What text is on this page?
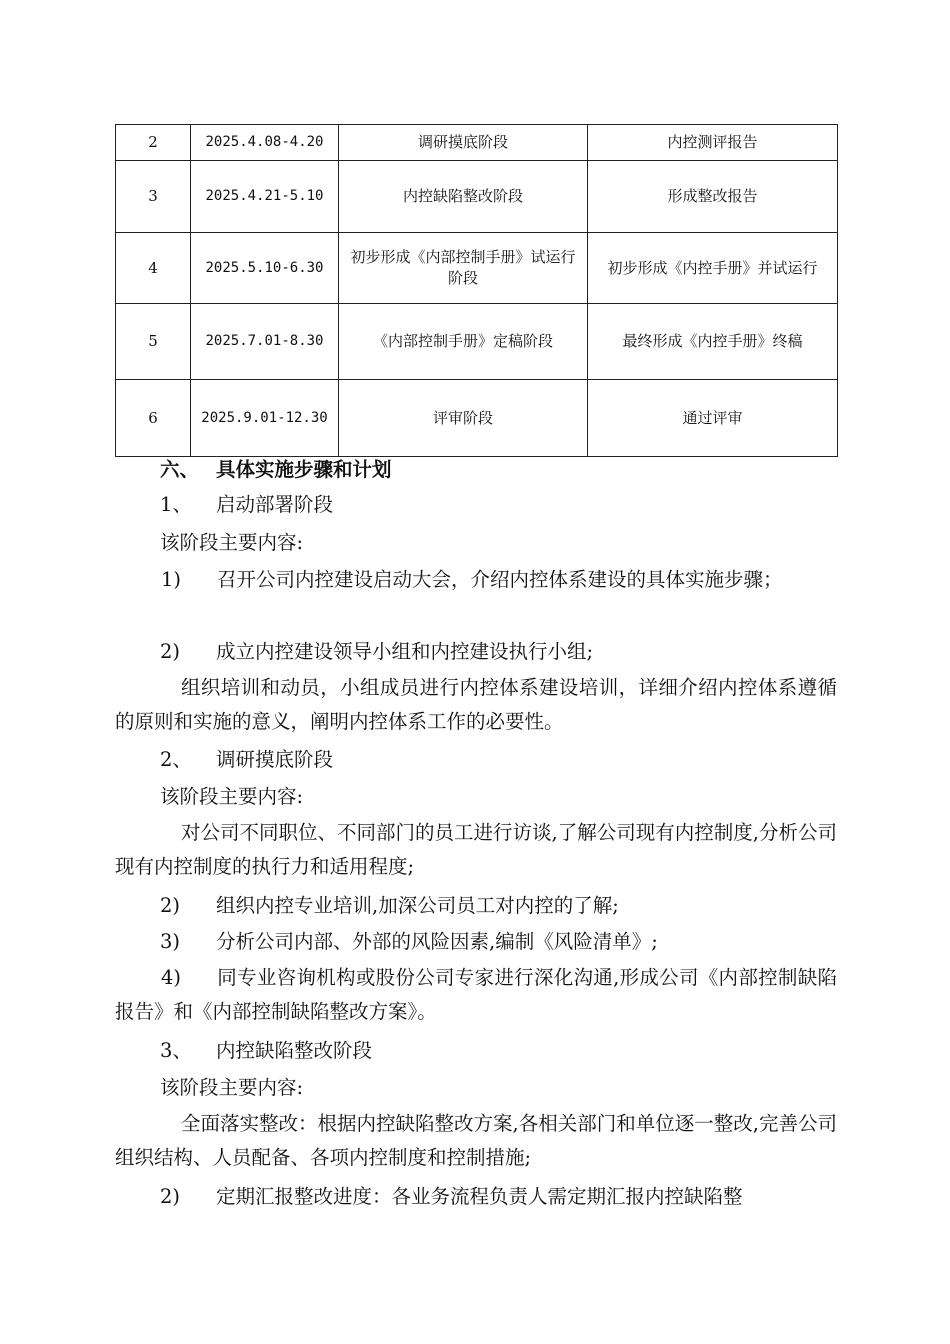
2	2025.4.08-4.20	调研摸底阶段	内控测评报告
3	2025.4.21-5.10	内控缺陷整改阶段	形成整改报告
4	2025.5.10-6.30	初步形成《内部控制手册》试运行阶段	初步形成《内控手册》并试运行
5	2025.7.01-8.30	《内部控制手册》定稿阶段	最终形成《内控手册》终稿
6	2025.9.01-12.30	评审阶段	通过评审

六、 具体实施步骤和计划

1、 启动部署阶段

该阶段主要内容:

1) 召开公司内控建设启动大会，介绍内控体系建设的具体实施步骤；

2) 成立内控建设领导小组和内控建设执行小组;

组织培训和动员，小组成员进行内控体系建设培训，详细介绍内控体系遵循的原则和实施的意义，阐明内控体系工作的必要性。

2、 调研摸底阶段

该阶段主要内容:

对公司不同职位、不同部门的员工进行访谈,了解公司现有内控制度,分析公司现有内控制度的执行力和适用程度;

2) 组织内控专业培训,加深公司员工对内控的了解;

3) 分析公司内部、外部的风险因素,编制《风险清单》;

4) 同专业咨询机构或股份公司专家进行深化沟通,形成公司《内部控制缺陷报告》和《内部控制缺陷整改方案》。

3、 内控缺陷整改阶段

该阶段主要内容:

全面落实整改：根据内控缺陷整改方案,各相关部门和单位逐一整改,完善公司组织结构、人员配备、各项内控制度和控制措施;

2) 定期汇报整改进度：各业务流程负责人需定期汇报内控缺陷整
